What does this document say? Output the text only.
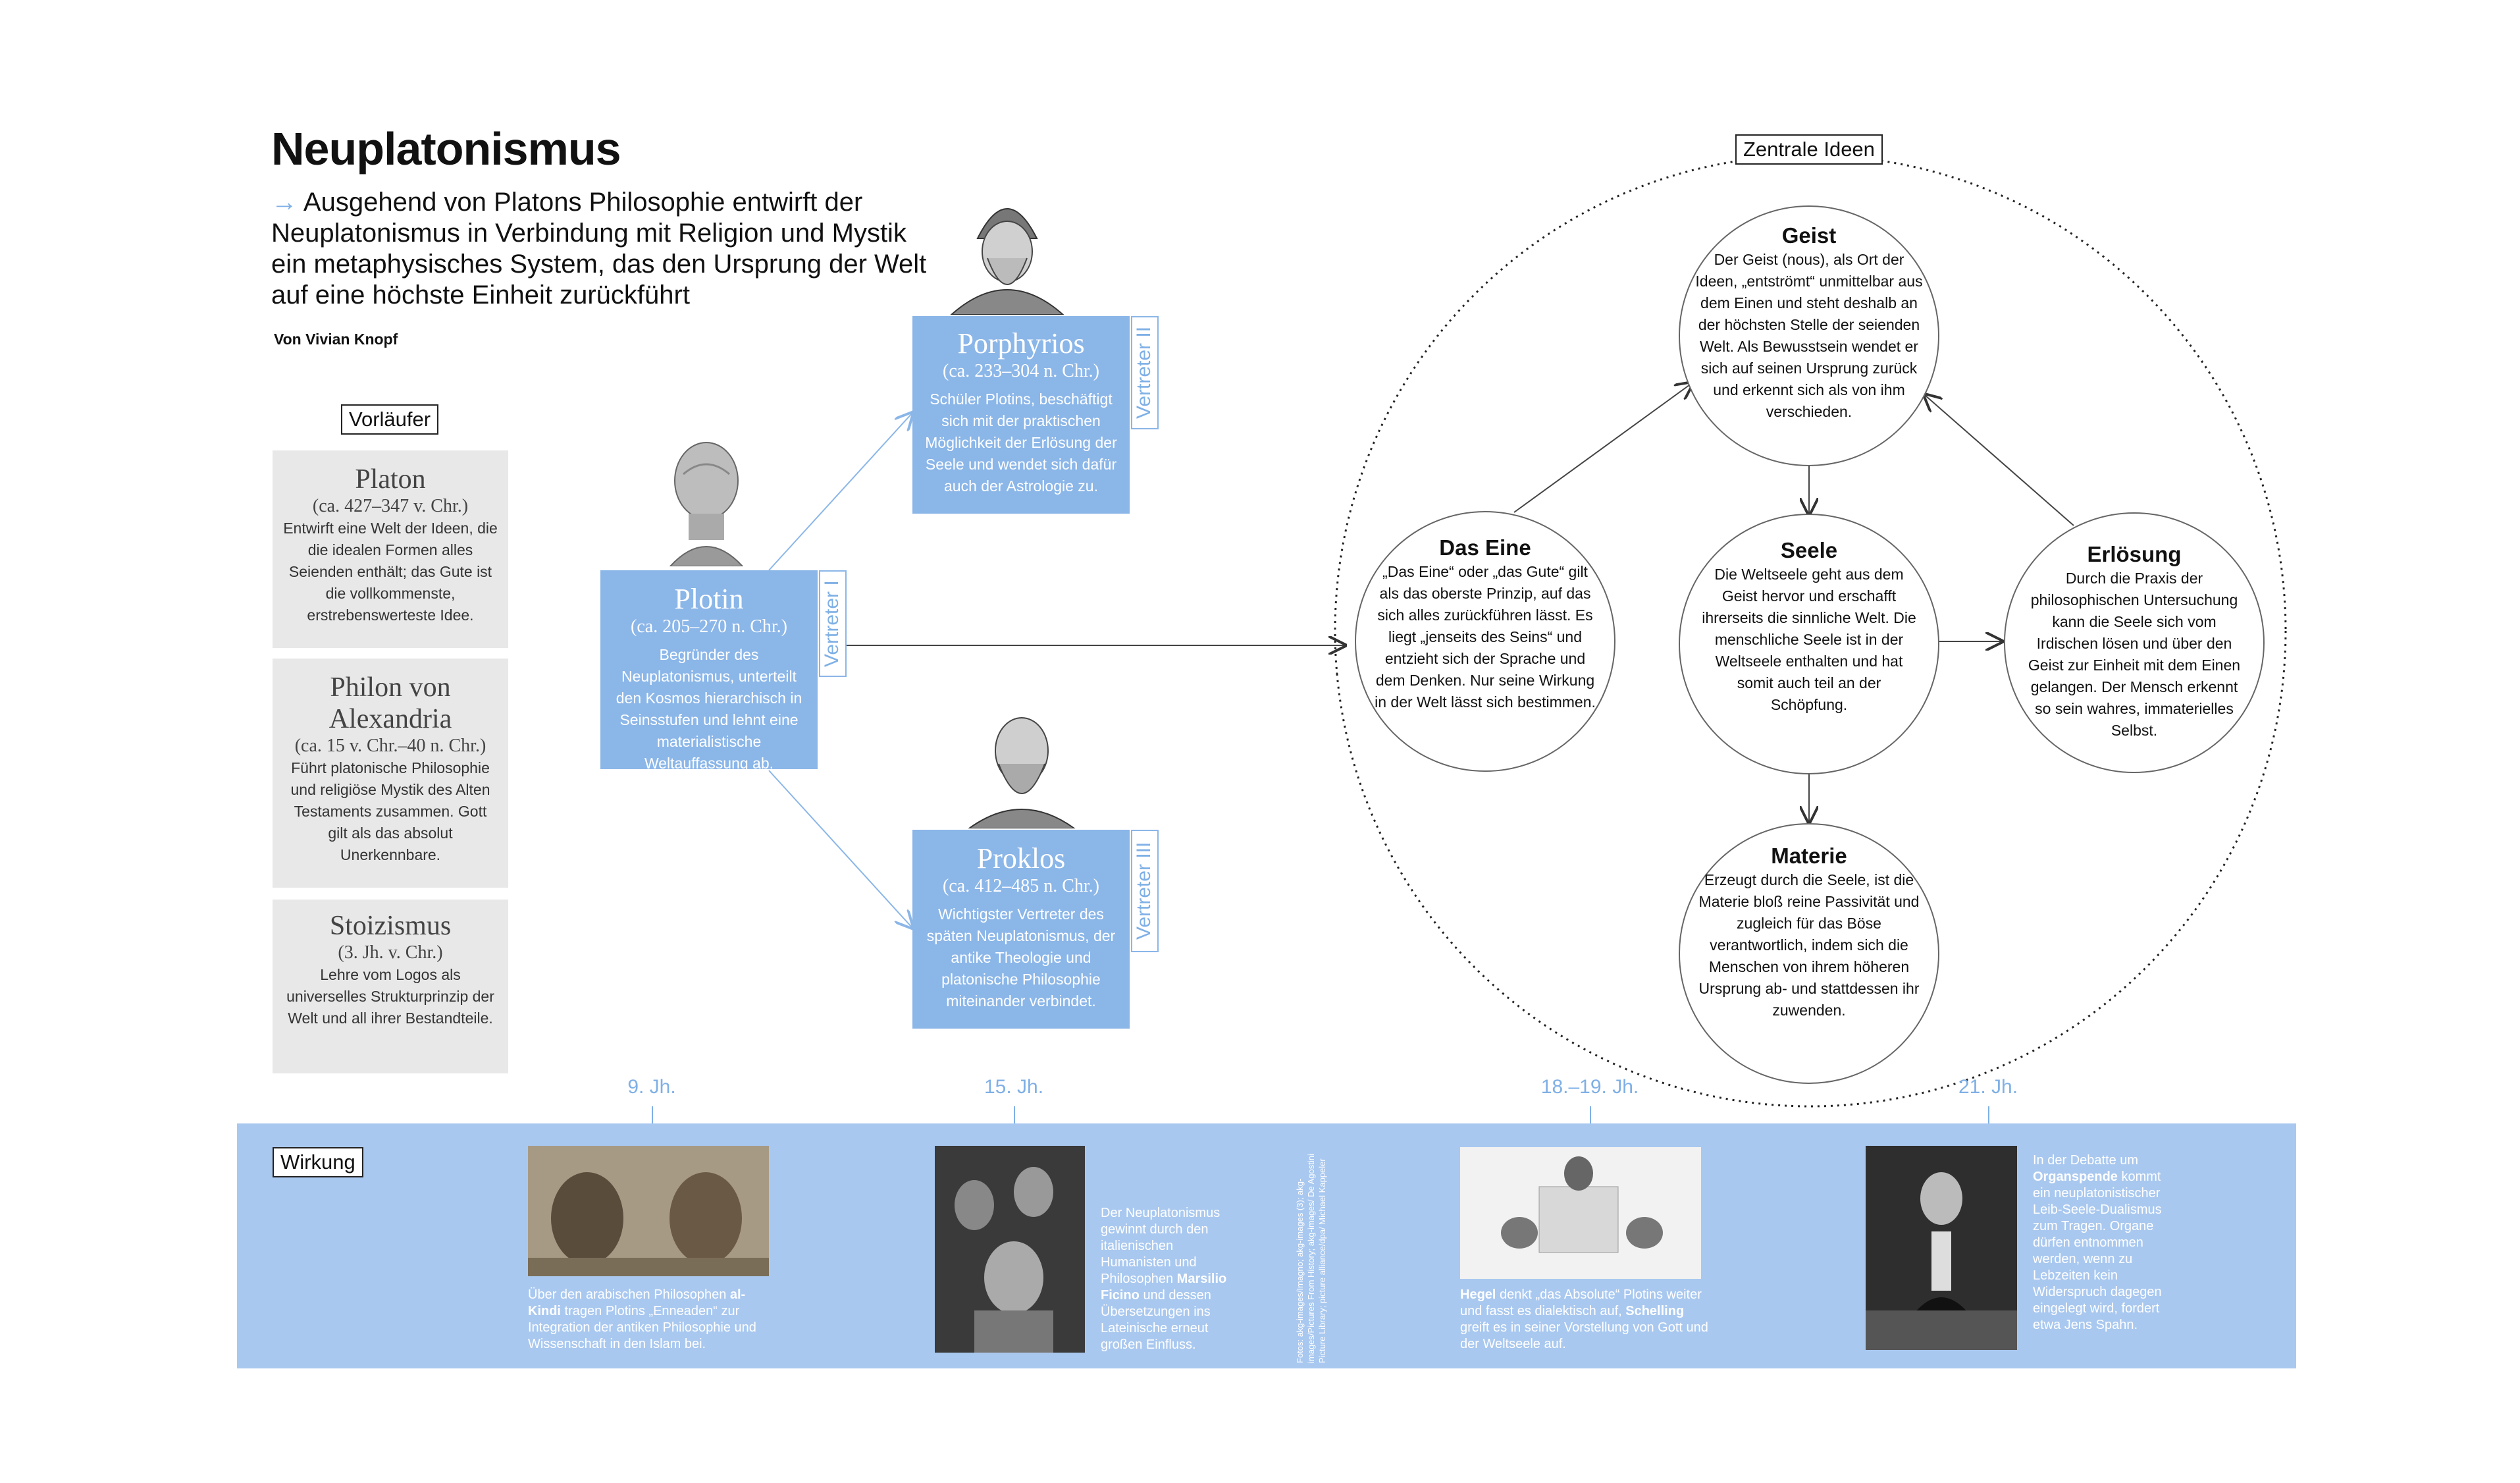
Neuplatonismus
→ Ausgehend von Platons Philosophie entwirft der Neuplatonismus in Verbindung mit Religion und Mystik ein metaphysisches System, das den Ursprung der Welt auf eine höchste Einheit zurückführt
Von Vivian Knopf
Vorläufer
Platon
(ca. 427–347 v. Chr.)
Entwirft eine Welt der Ideen, die die idealen Formen alles Seienden enthält; das Gute ist die vollkommenste, erstrebenswerteste Idee.
Philon von Alexandria
(ca. 15 v. Chr.–40 n. Chr.)
Führt platonische Philosophie und religiöse Mystik des Alten Testaments zusammen. Gott gilt als das absolut Unerkennbare.
Stoizismus
(3. Jh. v. Chr.)
Lehre vom Logos als universelles Strukturprinzip der Welt und all ihrer Bestandteile.
Plotin
(ca. 205–270 n. Chr.)
Begründer des Neuplatonismus, unterteilt den Kosmos hierarchisch in Seinsstufen und lehnt eine materialistische Weltauffassung ab.
Vertreter I
Porphyrios
(ca. 233–304 n. Chr.)
Schüler Plotins, beschäftigt sich mit der praktischen Möglichkeit der Erlösung der Seele und wendet sich dafür auch der Astrologie zu.
Vertreter II
Proklos
(ca. 412–485 n. Chr.)
Wichtigster Vertreter des späten Neuplatonismus, der antike Theologie und platonische Philosophie miteinander verbindet.
Vertreter III
Zentrale Ideen
Geist
Der Geist (nous), als Ort der Ideen, „entströmt“ unmittelbar aus dem Einen und steht deshalb an der höchsten Stelle der seienden Welt. Als Bewusstsein wendet er sich auf seinen Ursprung zurück und erkennt sich als von ihm verschieden.
Das Eine
„Das Eine“ oder „das Gute“ gilt als das oberste Prinzip, auf das sich alles zurückführen lässt. Es liegt „jenseits des Seins“ und entzieht sich der Sprache und dem Denken. Nur seine Wirkung in der Welt lässt sich bestimmen.
Seele
Die Weltseele geht aus dem Geist hervor und erschafft ihrerseits die sinnliche Welt. Die menschliche Seele ist in der Weltseele enthalten und hat somit auch teil an der Schöpfung.
Erlösung
Durch die Praxis der philosophischen Untersuchung kann die Seele sich vom Irdischen lösen und über den Geist zur Einheit mit dem Einen gelangen. Der Mensch erkennt so sein wahres, immaterielles Selbst.
Materie
Erzeugt durch die Seele, ist die Materie bloß reine Passivität und zugleich für das Böse verantwortlich, indem sich die Menschen von ihrem höheren Ursprung ab- und stattdessen ihr zuwenden.
9. Jh.	15. Jh.	18.–19. Jh.	21. Jh.
Wirkung
Über den arabischen Philosophen al-Kindi tragen Plotins „Enneaden“ zur Integration der antiken Philosophie und Wissenschaft in den Islam bei.
Der Neuplatonismus gewinnt durch den italienischen Humanisten und Philosophen Marsilio Ficino und dessen Übersetzungen ins Lateinische erneut großen Einfluss.	Fotos: akg-images/Imagno; akg-images (3); akg-images/Pictures From History; akg-images/ De Agostini Picture Library; picture alliance/dpa/ Michael Kappeler	Hegel denkt „das Absolute“ Plotins weiter und fasst es dialektisch auf, Schelling greift es in seiner Vorstellung von Gott und der Weltseele auf.
In der Debatte um Organspende kommt ein neuplatonistischer Leib-Seele-Dualismus zum Tragen. Organe dürfen entnommen werden, wenn zu Lebzeiten kein Widerspruch dagegen eingelegt wird, fordert etwa Jens Spahn.
